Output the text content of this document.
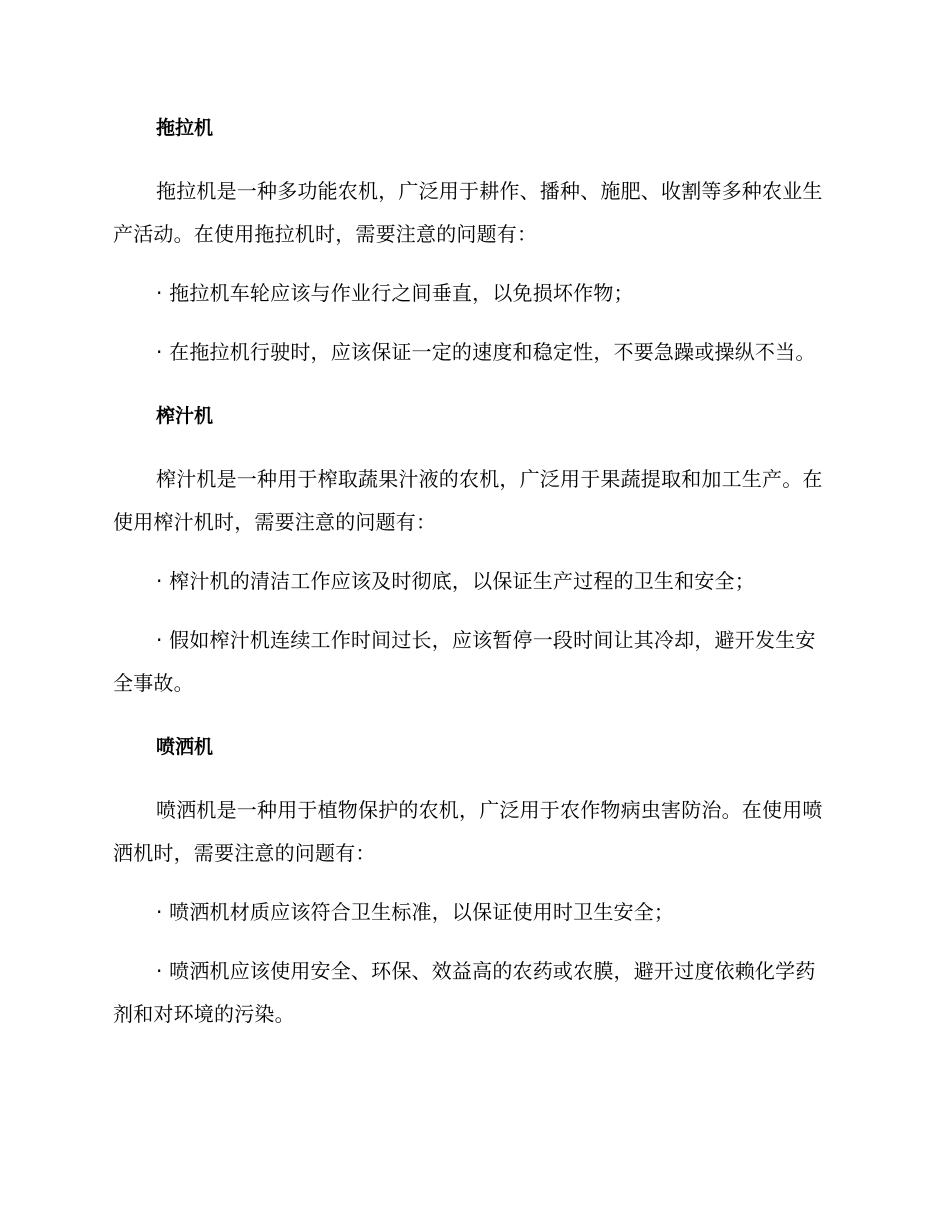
拖拉机

拖拉机是一种多功能农机，广泛用于耕作、播种、施肥、收割等多种农业生产活动。在使用拖拉机时，需要注意的问题有：

· 拖拉机车轮应该与作业行之间垂直，以免损坏作物；

· 在拖拉机行驶时，应该保证一定的速度和稳定性，不要急躁或操纵不当。

榨汁机

榨汁机是一种用于榨取蔬果汁液的农机，广泛用于果蔬提取和加工生产。在使用榨汁机时，需要注意的问题有：

· 榨汁机的清洁工作应该及时彻底，以保证生产过程的卫生和安全；

· 假如榨汁机连续工作时间过长，应该暂停一段时间让其冷却，避开发生安全事故。

喷洒机

喷洒机是一种用于植物保护的农机，广泛用于农作物病虫害防治。在使用喷洒机时，需要注意的问题有：

· 喷洒机材质应该符合卫生标准，以保证使用时卫生安全；

· 喷洒机应该使用安全、环保、效益高的农药或农膜，避开过度依赖化学药剂和对环境的污染。
